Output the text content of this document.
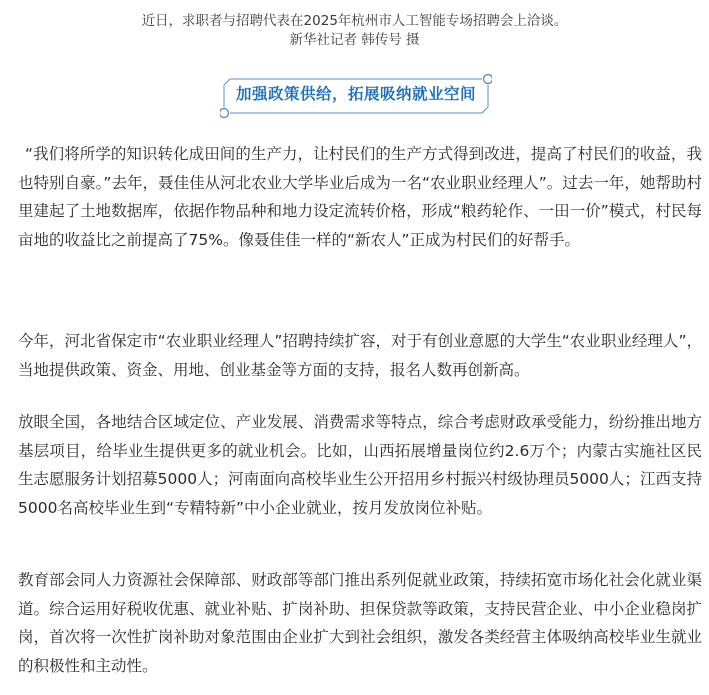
近日，求职者与招聘代表在2025年杭州市人工智能专场招聘会上洽谈。
新华社记者 韩传号 摄
加强政策供给，拓展吸纳就业空间

“我们将所学的知识转化成田间的生产力，让村民们的生产方式得到改进，提高了村民们的收益，我也特别自豪。”去年，聂佳佳从河北农业大学毕业后成为一名“农业职业经理人”。过去一年，她帮助村里建起了土地数据库，依据作物品种和地力设定流转价格，形成“粮药轮作、一田一价”模式，村民每亩地的收益比之前提高了75%。像聂佳佳一样的“新农人”正成为村民们的好帮手。

今年，河北省保定市“农业职业经理人”招聘持续扩容，对于有创业意愿的大学生“农业职业经理人”，当地提供政策、资金、用地、创业基金等方面的支持，报名人数再创新高。

放眼全国，各地结合区域定位、产业发展、消费需求等特点，综合考虑财政承受能力，纷纷推出地方基层项目，给毕业生提供更多的就业机会。比如，山西拓展增量岗位约2.6万个；内蒙古实施社区民生志愿服务计划招募5000人；河南面向高校毕业生公开招用乡村振兴村级协理员5000人；江西支持5000名高校毕业生到“专精特新”中小企业就业，按月发放岗位补贴。

教育部会同人力资源社会保障部、财政部等部门推出系列促就业政策，持续拓宽市场化社会化就业渠道。综合运用好税收优惠、就业补贴、扩岗补助、担保贷款等政策，支持民营企业、中小企业稳岗扩岗，首次将一次性扩岗补助对象范围由企业扩大到社会组织，激发各类经营主体吸纳高校毕业生就业的积极性和主动性。
